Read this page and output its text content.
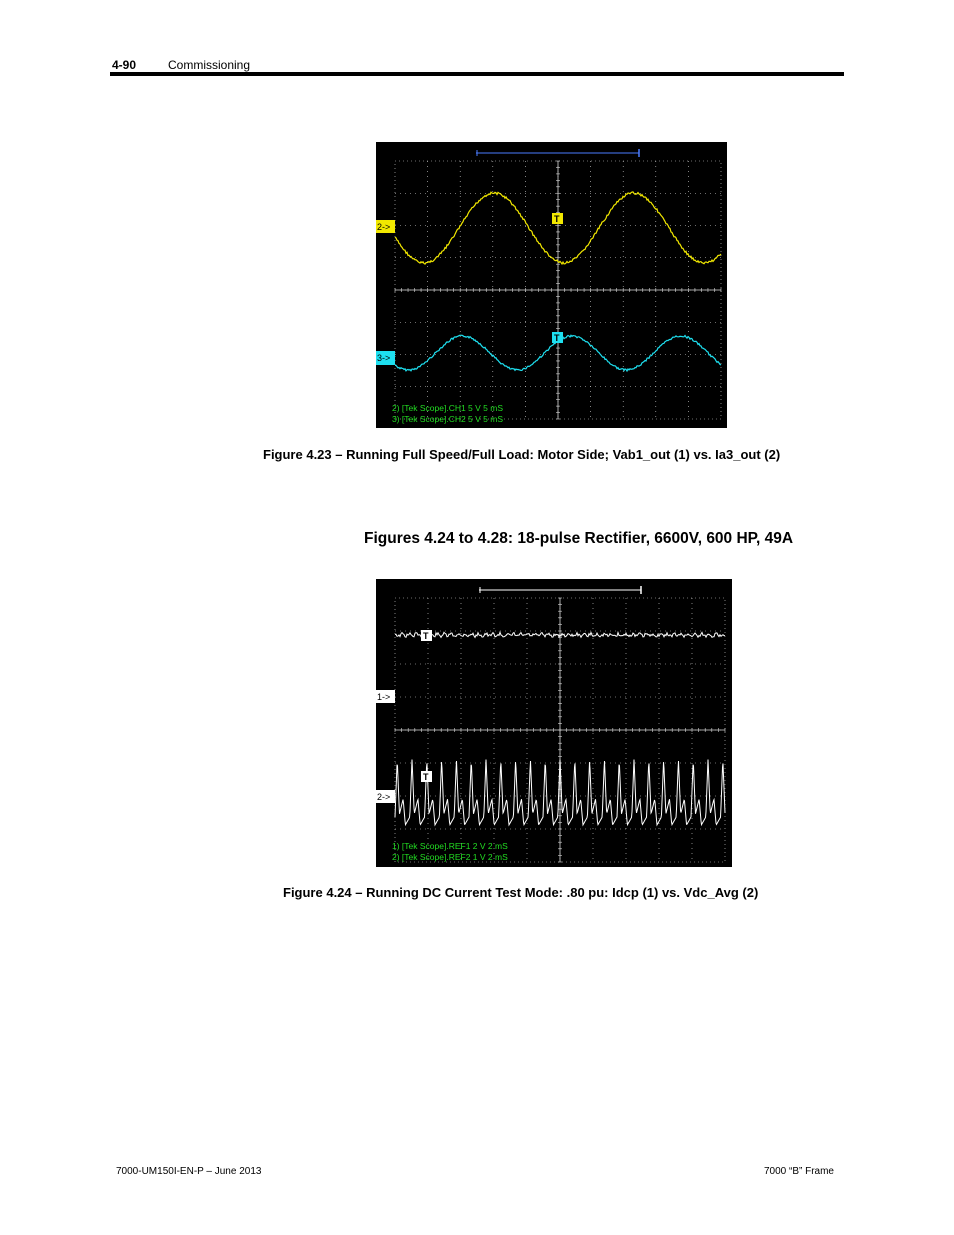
4-90	Commissioning
2->
3->
T
T
2) [Tek Scope].CH1 5 V 5 mS
3) [Tek Scope].CH2 5 V 5 mS
Figure 4.23 – Running Full Speed/Full Load: Motor Side; Vab1_out (1) vs. Ia3_out (2)
Figures 4.24 to 4.28: 18-pulse Rectifier, 6600V, 600 HP, 49A
1->
2->
T
T
1) [Tek Scope].REF1 2 V 2 mS
2) [Tek Scope].REF2 1 V 2 mS
Figure 4.24 – Running DC Current Test Mode: .80 pu: Idcp (1) vs. Vdc_Avg (2)
7000-UM150I-EN-P – June 2013	7000 “B” Frame
